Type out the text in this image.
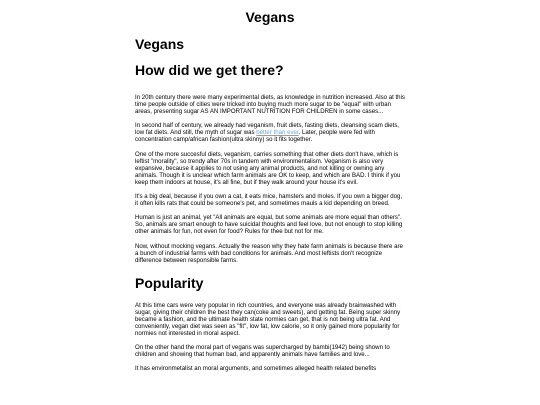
Vegans
Vegans
How did we get there?

In 20th century there were many experimental diets, as knowledge in nutrition increased. Also at this time people outside of cities were tricked into buying much more sugar to be "equal" with urban areas, presenting sugar AS AN IMPORTANT NUTRITION FOR CHILDREN in some cases...

In second half of century, we already had veganism, fruit diets, fasting diets, cleansing scam diets, low fat diets. And still, the myth of sugar was better than ever. Later, people were fed with concentration camp/african fashion(ultra skinny) so it fits together.

One of the more succesful diets, veganism, carries something that other diets don't have, which is leftist "morality", so trendy after 70s in tandem with environmentalism. Veganism is also very expansive, because it applies to not using any animal products, and not killing or owning any animals. Though it is unclear which farm animals are OK to keep, and which are BAD. I think if you keep them indoors at house, it's all fine, but if they walk around your house it's evil.

It's a big deal, because if you own a cat, it eats mice, hamsters and moles. If you own a bigger dog, it often kills rats that could be someone's pet, and sometimes mauls a kid depending on breed.

Human is just an animal, yet "All animals are equal, but some animals are more equal than others". So, animals are smart enough to have suicidal thoughts and feel love, but not enough to stop killing other animals for fun, not even for food? Rules for thee but not for me.

Now, without mocking vegans. Actually the reason why they hate farm animals is because there are a bunch of industrial farms with bad conditions for animals. And most leftists don't recognize difference between responsible farms.

Popularity

At this time cars were very popular in rich countries, and everyone was already brainwashed with sugar, giving their children the best they can(coke and sweets), and getting fat. Being super skinny became a fashion, and the ultimate health state normies can get, that is not being ultra fat. And conveniently, vegan diet was seen as "fit", low fat, low calorie, so it only gained more popularity for normies not interested in moral aspect.

On the other hand the moral part of vegans was supercharged by bambi(1942) being shown to children and showing that human bad, and apparently animals have families and love...

It has environmetalist an moral arguments, and sometimes alleged health related benefits
